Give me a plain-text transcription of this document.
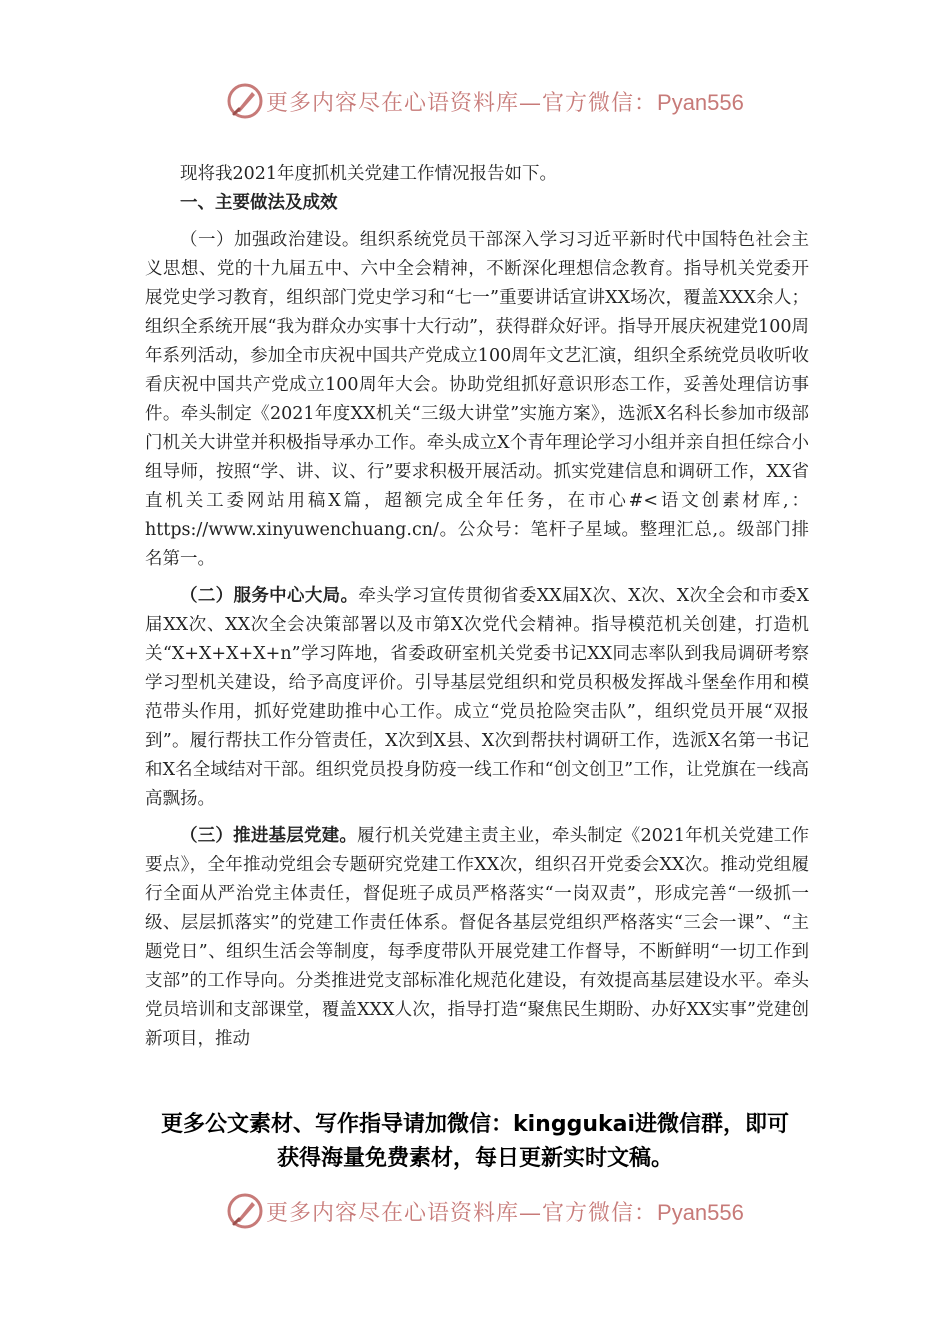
更多内容尽在心语资料库—官方微信：Pyan556

现将我2021年度抓机关党建工作情况报告如下。

一、主要做法及成效

（一）加强政治建设。组织系统党员干部深入学习习近平新时代中国特色社会主义思想、党的十九届五中、六中全会精神，不断深化理想信念教育。指导机关党委开展党史学习教育，组织部门党史学习和“七一”重要讲话宣讲XX场次，覆盖XXX余人；组织全系统开展“我为群众办实事十大行动”，获得群众好评。指导开展庆祝建党100周年系列活动，参加全市庆祝中国共产党成立100周年文艺汇演，组织全系统党员收听收看庆祝中国共产党成立100周年大会。协助党组抓好意识形态工作，妥善处理信访事件。牵头制定《2021年度XX机关“三级大讲堂”实施方案》，选派X名科长参加市级部门机关大讲堂并积极指导承办工作。牵头成立X个青年理论学习小组并亲自担任综合小组导师，按照“学、讲、议、行”要求积极开展活动。抓实党建信息和调研工作，XX省直机关工委网站用稿X篇，超额完成全年任务，在市心#<语文创素材库,：https://www.xinyuwenchuang.cn/。公众号：笔杆子星域。整理汇总,。级部门排名第一。

（二）服务中心大局。牵头学习宣传贯彻省委XX届X次、X次、X次全会和市委X届XX次、XX次全会决策部署以及市第X次党代会精神。指导模范机关创建，打造机关“X+X+X+X+n”学习阵地，省委政研室机关党委书记XX同志率队到我局调研考察学习型机关建设，给予高度评价。引导基层党组织和党员积极发挥战斗堡垒作用和模范带头作用，抓好党建助推中心工作。成立“党员抢险突击队”，组织党员开展“双报到”。履行帮扶工作分管责任，X次到X县、X次到帮扶村调研工作，选派X名第一书记和X名全域结对干部。组织党员投身防疫一线工作和“创文创卫”工作，让党旗在一线高高飘扬。

（三）推进基层党建。履行机关党建主责主业，牵头制定《2021年机关党建工作要点》，全年推动党组会专题研究党建工作XX次，组织召开党委会XX次。推动党组履行全面从严治党主体责任，督促班子成员严格落实“一岗双责”，形成完善“一级抓一级、层层抓落实”的党建工作责任体系。督促各基层党组织严格落实“三会一课”、“主题党日”、组织生活会等制度，每季度带队开展党建工作督导，不断鲜明“一切工作到支部”的工作导向。分类推进党支部标准化规范化建设，有效提高基层建设水平。牵头党员培训和支部课堂，覆盖XXX人次，指导打造“聚焦民生期盼、办好XX实事”党建创新项目，推动

更多公文素材、写作指导请加微信：kinggukai进微信群，即可
获得海量免费素材，每日更新实时文稿。
更多内容尽在心语资料库—官方微信：Pyan556
